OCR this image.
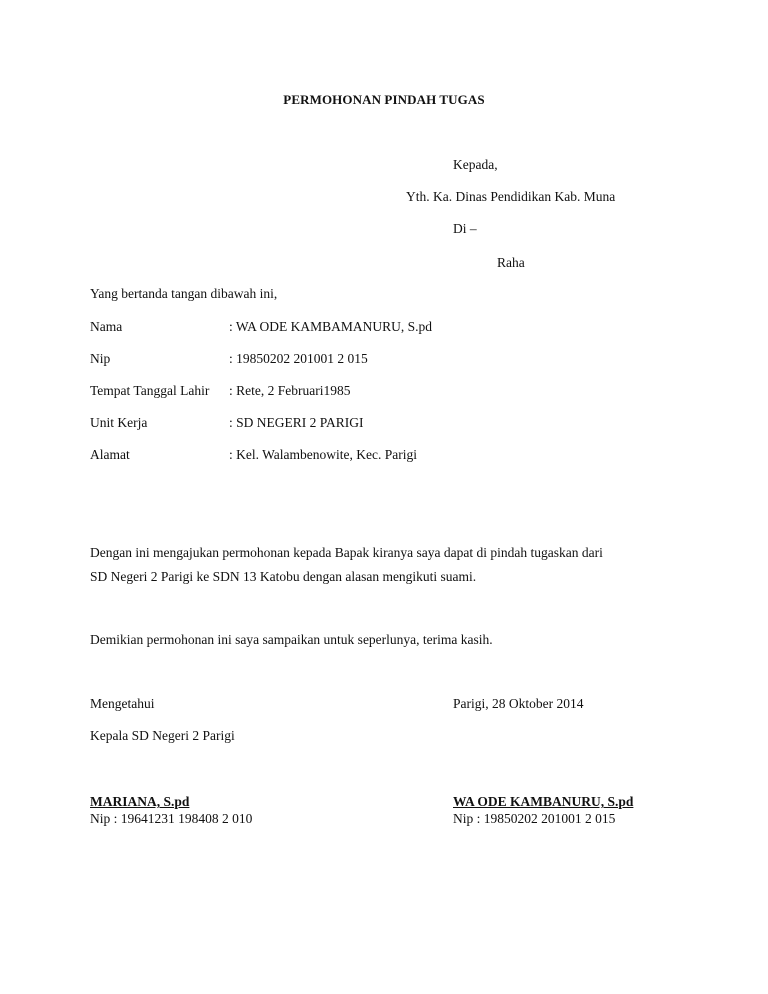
PERMOHONAN PINDAH TUGAS
Kepada,
Yth. Ka. Dinas Pendidikan Kab. Muna
Di –
Raha
Yang bertanda tangan dibawah ini,
Nama	: WA ODE KAMBAMANURU, S.pd
Nip	: 19850202 201001 2 015
Tempat Tanggal Lahir : Rete, 2 Februari1985
Unit Kerja	: SD NEGERI 2 PARIGI
Alamat	: Kel. Walambenowite, Kec. Parigi
Dengan ini mengajukan permohonan kepada Bapak kiranya saya dapat di pindah tugaskan dari
SD Negeri 2 Parigi ke SDN 13 Katobu dengan alasan mengikuti suami.
Demikian permohonan ini saya sampaikan untuk seperlunya, terima kasih.
Mengetahui
Kepala SD Negeri 2 Parigi
MARIANA, S.pd
Nip : 19641231 198408 2 010
Parigi, 28 Oktober 2014
WA ODE KAMBANURU, S.pd
Nip : 19850202 201001 2 015
